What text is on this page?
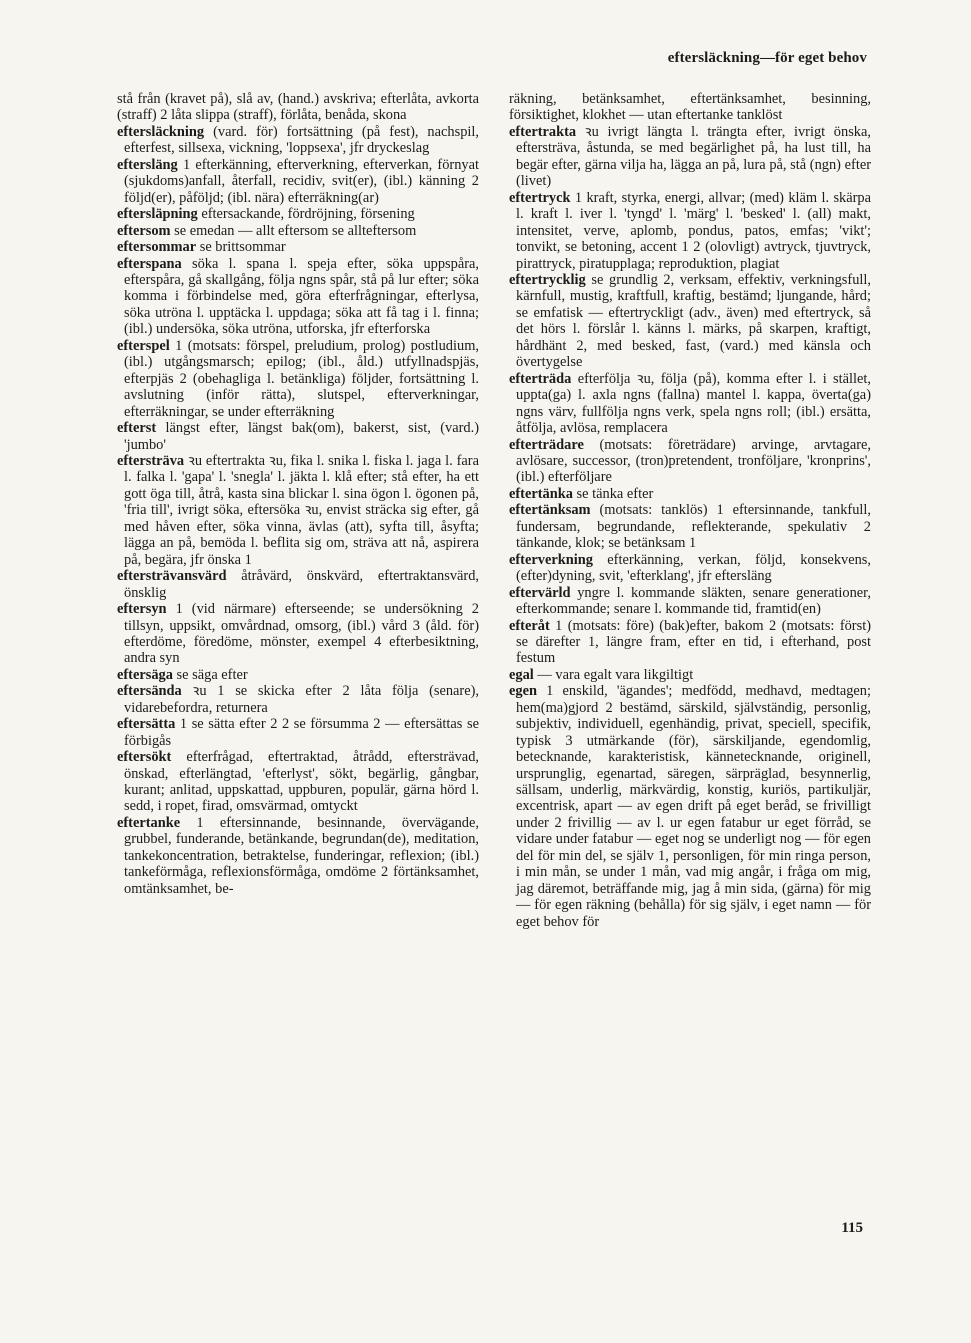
eftersläckning—för eget behov

stå från (kravet på), slå av, (hand.) avskriva; efterlåta, avkorta (straff) 2 låta slippa (straff), förlåta, benåda, skona

eftersläckning (vard. för) fortsättning (på fest), nachspil, efterfest, sillsexa, vickning, 'loppsexa', jfr dryckeslag

eftersläng 1 efterkänning, efterverkning, efterverkan, förnyat (sjukdoms)anfall, återfall, recidiv, svit(er), (ibl.) känning 2 följd(er), påföljd; (ibl. nära) efterräkning(ar)

eftersläpning eftersackande, fördröjning, försening

eftersom se emedan — allt eftersom se allteftersom

eftersommar se brittsommar

efterspana söka l. spana l. speja efter, söka uppspåra, efterspåra, gå skallgång, följa ngns spår, stå på lur efter; söka komma i förbindelse med, göra efterfrågningar, efterlysa, söka utröna l. upptäcka l. uppdaga; söka att få tag i l. finna; (ibl.) undersöka, söka utröna, utforska, jfr efterforska

efterspel 1 (motsats: förspel, preludium, prolog) postludium, (ibl.) utgångsmarsch; epilog; (ibl., åld.) utfyllnadspjäs, efterpjäs 2 (obehagliga l. betänkliga) följder, fortsättning l. avslutning (inför rätta), slutspel, efterverkningar, efterräkningar, se under efterräkning

efterst längst efter, längst bak(om), bakerst, sist, (vard.) 'jumbo'

eftersträva ꝛu eftertrakta ꝛu, fika l. snika l. fiska l. jaga l. fara l. falka l. 'gapa' l. 'snegla' l. jäkta l. klå efter; stå efter, ha ett gott öga till, åtrå, kasta sina blickar l. sina ögon l. ögonen på, 'fria till', ivrigt söka, eftersöka ꝛu, envist sträcka sig efter, gå med håven efter, söka vinna, ävlas (att), syfta till, åsyfta; lägga an på, bemöda l. beflita sig om, sträva att nå, aspirera på, begära, jfr önska 1

eftersträvansvärd åtråvärd, önskvärd, eftertraktansvärd, önsklig

eftersyn 1 (vid närmare) efterseende; se undersökning 2 tillsyn, uppsikt, omvårdnad, omsorg, (ibl.) vård 3 (åld. för) efterdöme, föredöme, mönster, exempel 4 efterbesiktning, andra syn

eftersäga se säga efter

eftersända ꝛu 1 se skicka efter 2 låta följa (senare), vidarebefordra, returnera

eftersätta 1 se sätta efter 2 2 se försumma 2 — eftersättas se förbigås

eftersökt efterfrågad, eftertraktad, åtrådd, eftersträvad, önskad, efterlängtad, 'efterlyst', sökt, begärlig, gångbar, kurant; anlitad, uppskattad, uppburen, populär, gärna hörd l. sedd, i ropet, firad, omsvärmad, omtyckt

eftertanke 1 eftersinnande, besinnande, övervägande, grubbel, funderande, betänkande, begrundan(de), meditation, tankekoncentration, betraktelse, funderingar, reflexion; (ibl.) tankeförmåga, reflexionsförmåga, omdöme 2 förtänksamhet, omtänksamhet, be-

räkning, betänksamhet, eftertänksamhet, besinning, försiktighet, klokhet — utan eftertanke tanklöst

eftertrakta ꝛu ivrigt längta l. trängta efter, ivrigt önska, eftersträva, åstunda, se med begärlighet på, ha lust till, ha begär efter, gärna vilja ha, lägga an på, lura på, stå (ngn) efter (livet)

eftertryck 1 kraft, styrka, energi, allvar; (med) kläm l. skärpa l. kraft l. iver l. 'tyngd' l. 'märg' l. 'besked' l. (all) makt, intensitet, verve, aplomb, pondus, patos, emfas; 'vikt'; tonvikt, se betoning, accent 1 2 (olovligt) avtryck, tjuvtryck, pirattryck, piratupplaga; reproduktion, plagiat

eftertrycklig se grundlig 2, verksam, effektiv, verkningsfull, kärnfull, mustig, kraftfull, kraftig, bestämd; ljungande, hård; se emfatisk — eftertryckligt (adv., även) med eftertryck, så det hörs l. förslår l. känns l. märks, på skarpen, kraftigt, hårdhänt 2, med besked, fast, (vard.) med känsla och övertygelse

efterträda efterfölja ꝛu, följa (på), komma efter l. i stället, uppta(ga) l. axla ngns (fallna) mantel l. kappa, överta(ga) ngns värv, fullfölja ngns verk, spela ngns roll; (ibl.) ersätta, åtfölja, avlösa, remplacera

efterträdare (motsats: företrädare) arvinge, arvtagare, avlösare, successor, (tron)pretendent, tronföljare, 'kronprins', (ibl.) efterföljare

eftertänka se tänka efter

eftertänksam (motsats: tanklös) 1 eftersinnande, tankfull, fundersam, begrundande, reflekterande, spekulativ 2 tänkande, klok; se betänksam 1

efterverkning efterkänning, verkan, följd, konsekvens, (efter)dyning, svit, 'efterklang', jfr eftersläng

eftervärld yngre l. kommande släkten, senare generationer, efterkommande; senare l. kommande tid, framtid(en)

efteråt 1 (motsats: före) (bak)efter, bakom 2 (motsats: först) se därefter 1, längre fram, efter en tid, i efterhand, post festum

egal — vara egalt vara likgiltigt

egen 1 enskild, 'ägandes'; medfödd, medhavd, medtagen; hem(ma)gjord 2 bestämd, särskild, självständig, personlig, subjektiv, individuell, egenhändig, privat, speciell, specifik, typisk 3 utmärkande (för), särskiljande, egendomlig, betecknande, karakteristisk, kännetecknande, originell, ursprunglig, egenartad, säregen, särpräglad, besynnerlig, sällsam, underlig, märkvärdig, konstig, kuriös, partikuljär, excentrisk, apart — av egen drift på eget beråd, se frivilligt under 2 frivillig — av l. ur egen fatabur ur eget förråd, se vidare under fatabur — eget nog se underligt nog — för egen del för min del, se själv 1, personligen, för min ringa person, i min mån, se under 1 mån, vad mig angår, i fråga om mig, jag däremot, beträffande mig, jag å min sida, (gärna) för mig — för egen räkning (behålla) för sig själv, i eget namn — för eget behov för

115
